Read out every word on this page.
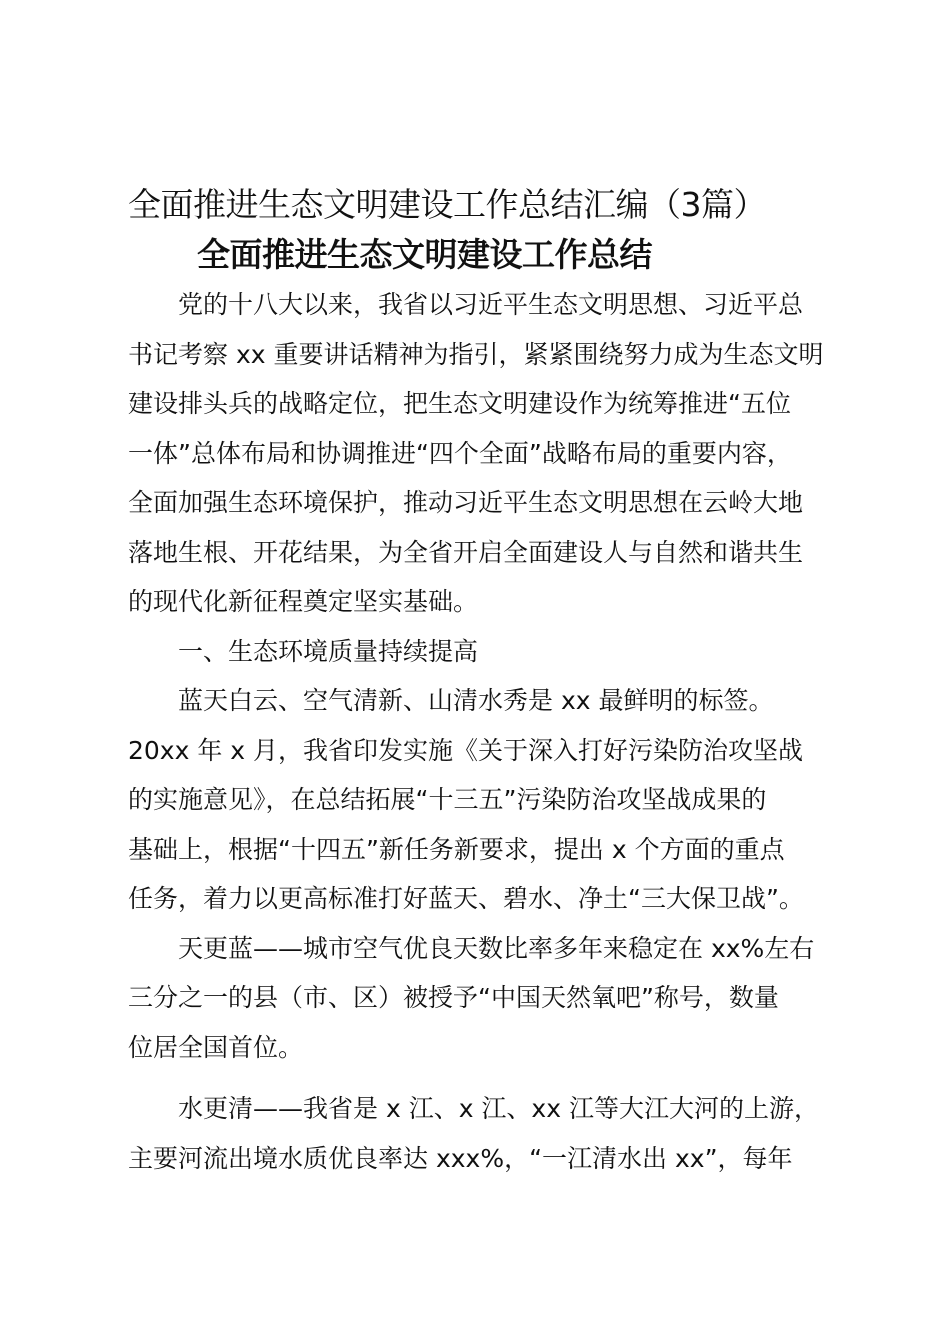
全面推进生态文明建设工作总结汇编（3篇）
全面推进生态文明建设工作总结
党的十八大以来，我省以习近平生态文明思想、习近平总
书记考察 xx 重要讲话精神为指引，紧紧围绕努力成为生态文明
建设排头兵的战略定位，把生态文明建设作为统筹推进“五位
一体”总体布局和协调推进“四个全面”战略布局的重要内容，
全面加强生态环境保护，推动习近平生态文明思想在云岭大地
落地生根、开花结果，为全省开启全面建设人与自然和谐共生
的现代化新征程奠定坚实基础。
一、生态环境质量持续提高
蓝天白云、空气清新、山清水秀是 xx 最鲜明的标签。
20xx 年 x 月，我省印发实施《关于深入打好污染防治攻坚战
的实施意见》，在总结拓展“十三五”污染防治攻坚战成果的
基础上，根据“十四五”新任务新要求，提出 x 个方面的重点
任务，着力以更高标准打好蓝天、碧水、净土“三大保卫战”。
天更蓝——城市空气优良天数比率多年来稳定在 xx%左右
三分之一的县（市、区）被授予“中国天然氧吧”称号，数量
位居全国首位。
水更清——我省是 x 江、x 江、xx 江等大江大河的上游，
主要河流出境水质优良率达 xxx%，“一江清水出 xx”，每年
